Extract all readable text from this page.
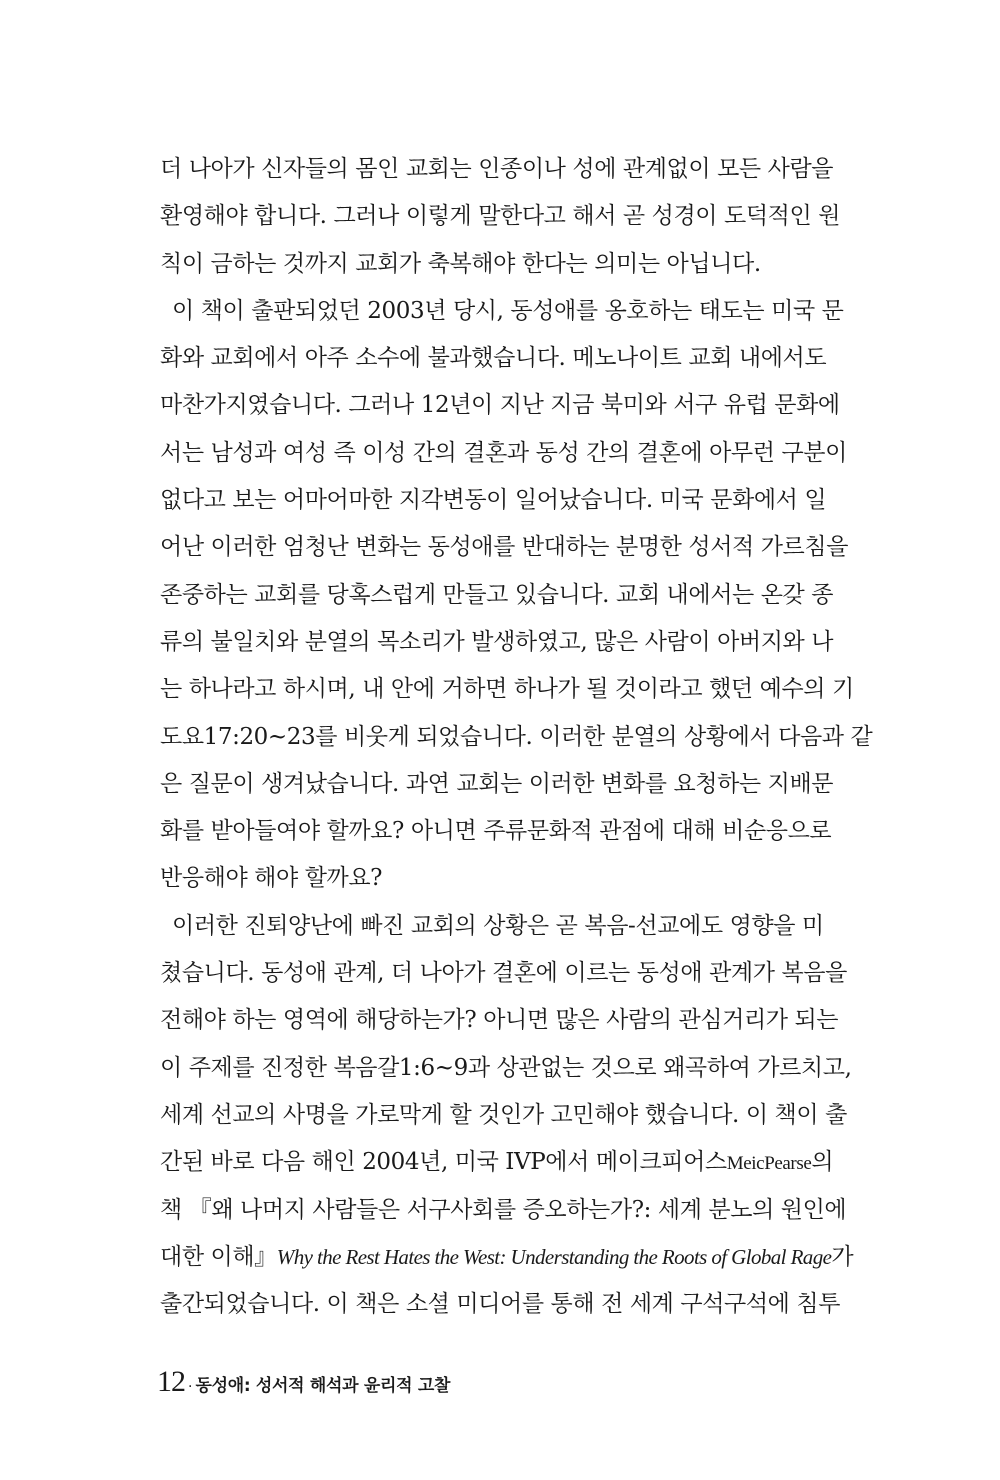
더 나아가 신자들의 몸인 교회는 인종이나 성에 관계없이 모든 사람을
환영해야 합니다. 그러나 이렇게 말한다고 해서 곧 성경이 도덕적인 원
칙이 금하는 것까지 교회가 축복해야 한다는 의미는 아닙니다.
이 책이 출판되었던 2003년 당시, 동성애를 옹호하는 태도는 미국 문
화와 교회에서 아주 소수에 불과했습니다. 메노나이트 교회 내에서도
마찬가지였습니다. 그러나 12년이 지난 지금 북미와 서구 유럽 문화에
서는 남성과 여성 즉 이성 간의 결혼과 동성 간의 결혼에 아무런 구분이
없다고 보는 어마어마한 지각변동이 일어났습니다. 미국 문화에서 일
어난 이러한 엄청난 변화는 동성애를 반대하는 분명한 성서적 가르침을
존중하는 교회를 당혹스럽게 만들고 있습니다. 교회 내에서는 온갖 종
류의 불일치와 분열의 목소리가 발생하였고, 많은 사람이 아버지와 나
는 하나라고 하시며, 내 안에 거하면 하나가 될 것이라고 했던 예수의 기
도요17:20~23를 비웃게 되었습니다. 이러한 분열의 상황에서 다음과 같
은 질문이 생겨났습니다. 과연 교회는 이러한 변화를 요청하는 지배문
화를 받아들여야 할까요? 아니면 주류문화적 관점에 대해 비순응으로
반응해야 해야 할까요?
이러한 진퇴양난에 빠진 교회의 상황은 곧 복음-선교에도 영향을 미
쳤습니다. 동성애 관계, 더 나아가 결혼에 이르는 동성애 관계가 복음을
전해야 하는 영역에 해당하는가? 아니면 많은 사람의 관심거리가 되는
이 주제를 진정한 복음갈1:6~9과 상관없는 것으로 왜곡하여 가르치고,
세계 선교의 사명을 가로막게 할 것인가 고민해야 했습니다. 이 책이 출
간된 바로 다음 해인 2004년, 미국 IVP에서 메이크피어스MeicPearse의
책 『왜 나머지 사람들은 서구사회를 증오하는가?: 세계 분노의 원인에
대한 이해』Why the Rest Hates the West: Understanding the Roots of Global Rage가
출간되었습니다. 이 책은 소셜 미디어를 통해 전 세계 구석구석에 침투
12 · 동성애: 성서적 해석과 윤리적 고찰
